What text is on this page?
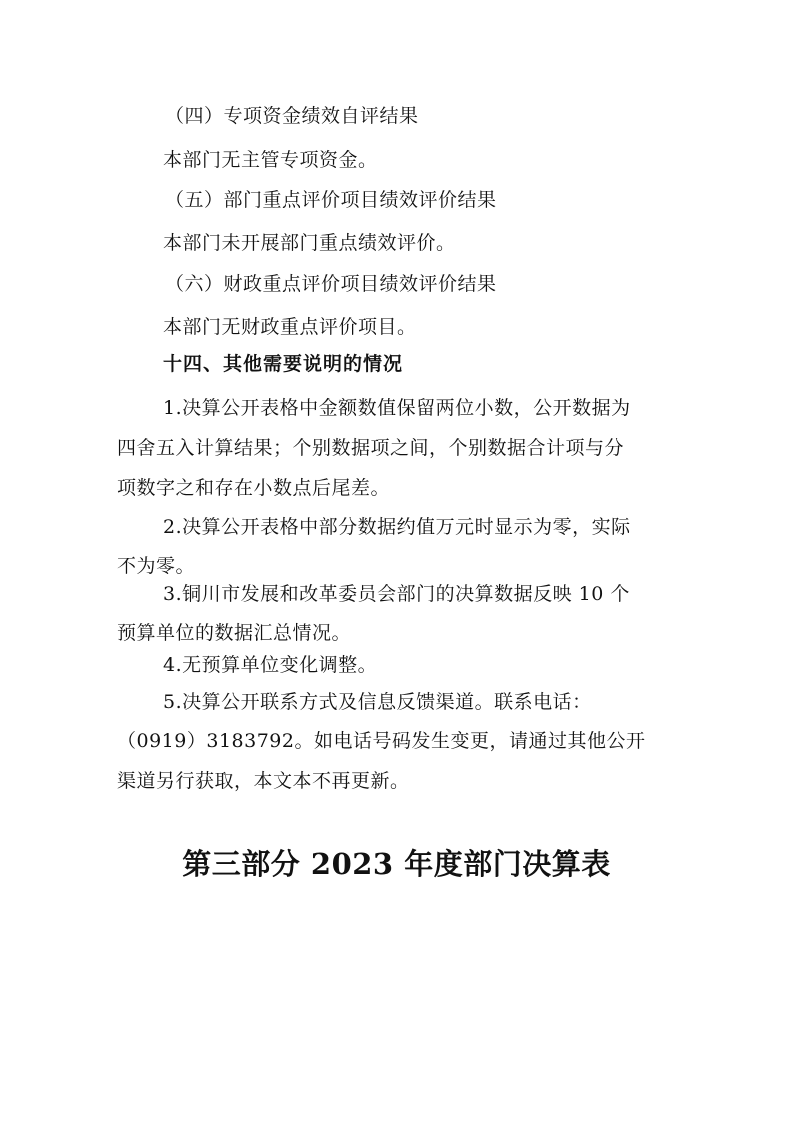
（四）专项资金绩效自评结果
本部门无主管专项资金。
（五）部门重点评价项目绩效评价结果
本部门未开展部门重点绩效评价。
（六）财政重点评价项目绩效评价结果
本部门无财政重点评价项目。
十四、其他需要说明的情况
1.决算公开表格中金额数值保留两位小数，公开数据为
四舍五入计算结果；个别数据项之间，个别数据合计项与分
项数字之和存在小数点后尾差。
2.决算公开表格中部分数据约值万元时显示为零，实际
不为零。
3.铜川市发展和改革委员会部门的决算数据反映 10 个
预算单位的数据汇总情况。
4.无预算单位变化调整。
5.决算公开联系方式及信息反馈渠道。联系电话：
（0919）3183792。如电话号码发生变更，请通过其他公开
渠道另行获取，本文本不再更新。
第三部分 2023 年度部门决算表
